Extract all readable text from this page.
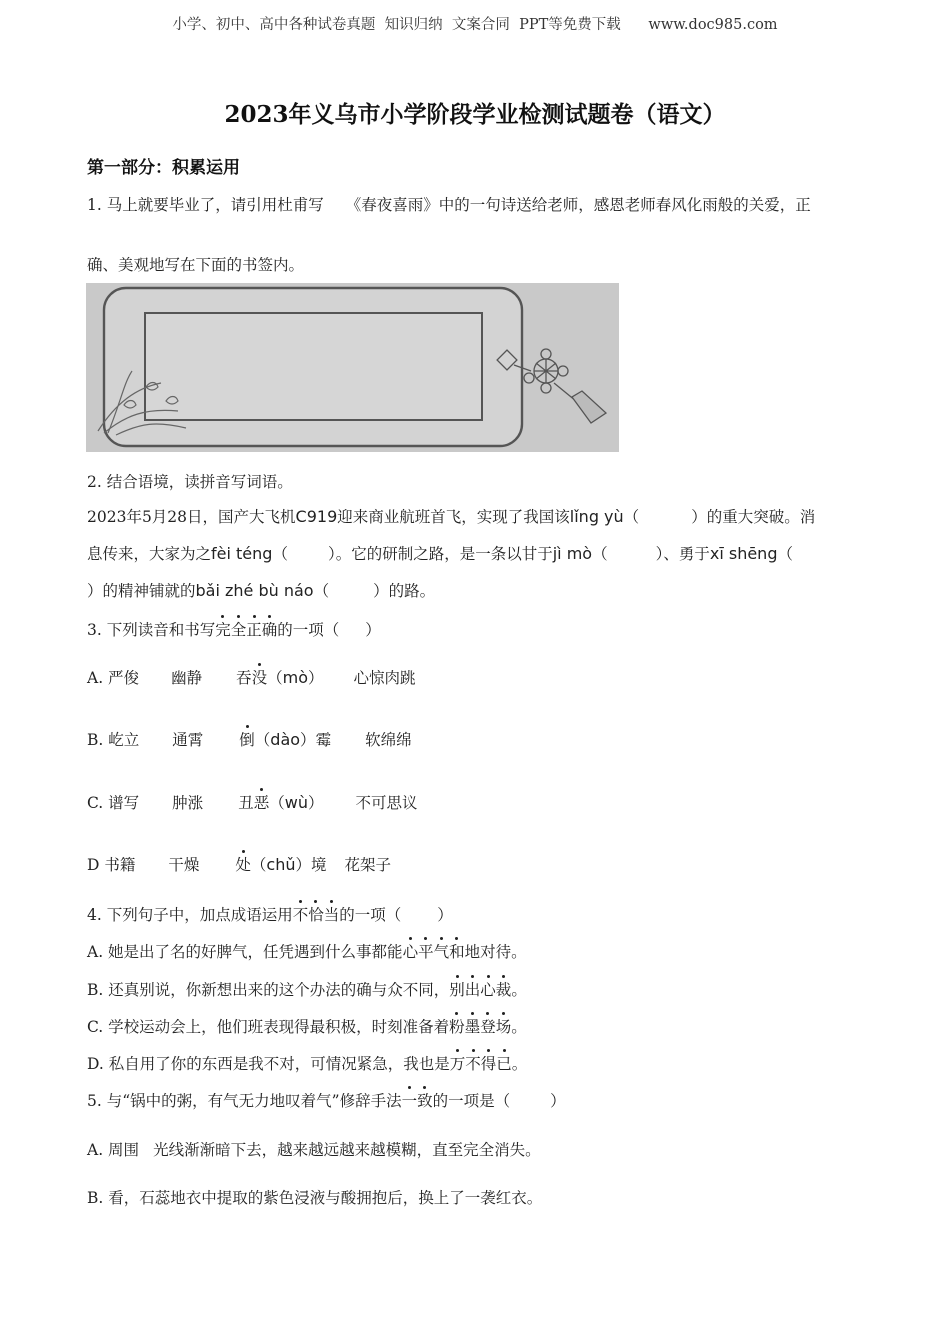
小学、初中、高中各种试卷真题  知识归纳  文案合同  PPT等免费下载      www.doc985.com
2023年义乌市小学阶段学业检测试题卷（语文）
第一部分：积累运用
1. 马上就要毕业了，请引用杜甫写 《春夜喜雨》中的一句诗送给老师，感恩老师春风化雨般的关爱，正
确、美观地写在下面的书签内。
2. 结合语境，读拼音写词语。
2023年5月28日，国产大飞机C919迎来商业航班首飞，实现了我国该lǐng yù（	）的重大突破。消
息传来，大家为之fèi téng（	）。它的研制之路，是一条以甘于jì mò（	）、勇于xī shēng（
）的精神铺就的bǎi zhé bù náo（	）的路。
3. 下列读音和书写完全正确的一项（ ）
A. 严俊 幽静 吞没（mò） 心惊肉跳
B. 屹立 通霄 倒（dào）霉 软绵绵
C. 谱写 肿涨 丑恶（wù） 不可思议
D 书籍 干燥 处（chǔ）境 花架子
4. 下列句子中，加点成语运用不恰当的一项（ ）
A. 她是出了名的好脾气，任凭遇到什么事都能心平气和地对待。
B. 还真别说，你新想出来的这个办法的确与众不同，别出心裁。
C. 学校运动会上，他们班表现得最积极，时刻准备着粉墨登场。
D. 私自用了你的东西是我不对，可情况紧急，我也是万不得已。
5. 与“锅中的粥，有气无力地叹着气”修辞手法一致的一项是（	）
A. 周围 光线渐渐暗下去，越来越远越来越模糊，直至完全消失。
B. 看，石蕊地衣中提取的紫色浸液与酸拥抱后，换上了一袭红衣。
